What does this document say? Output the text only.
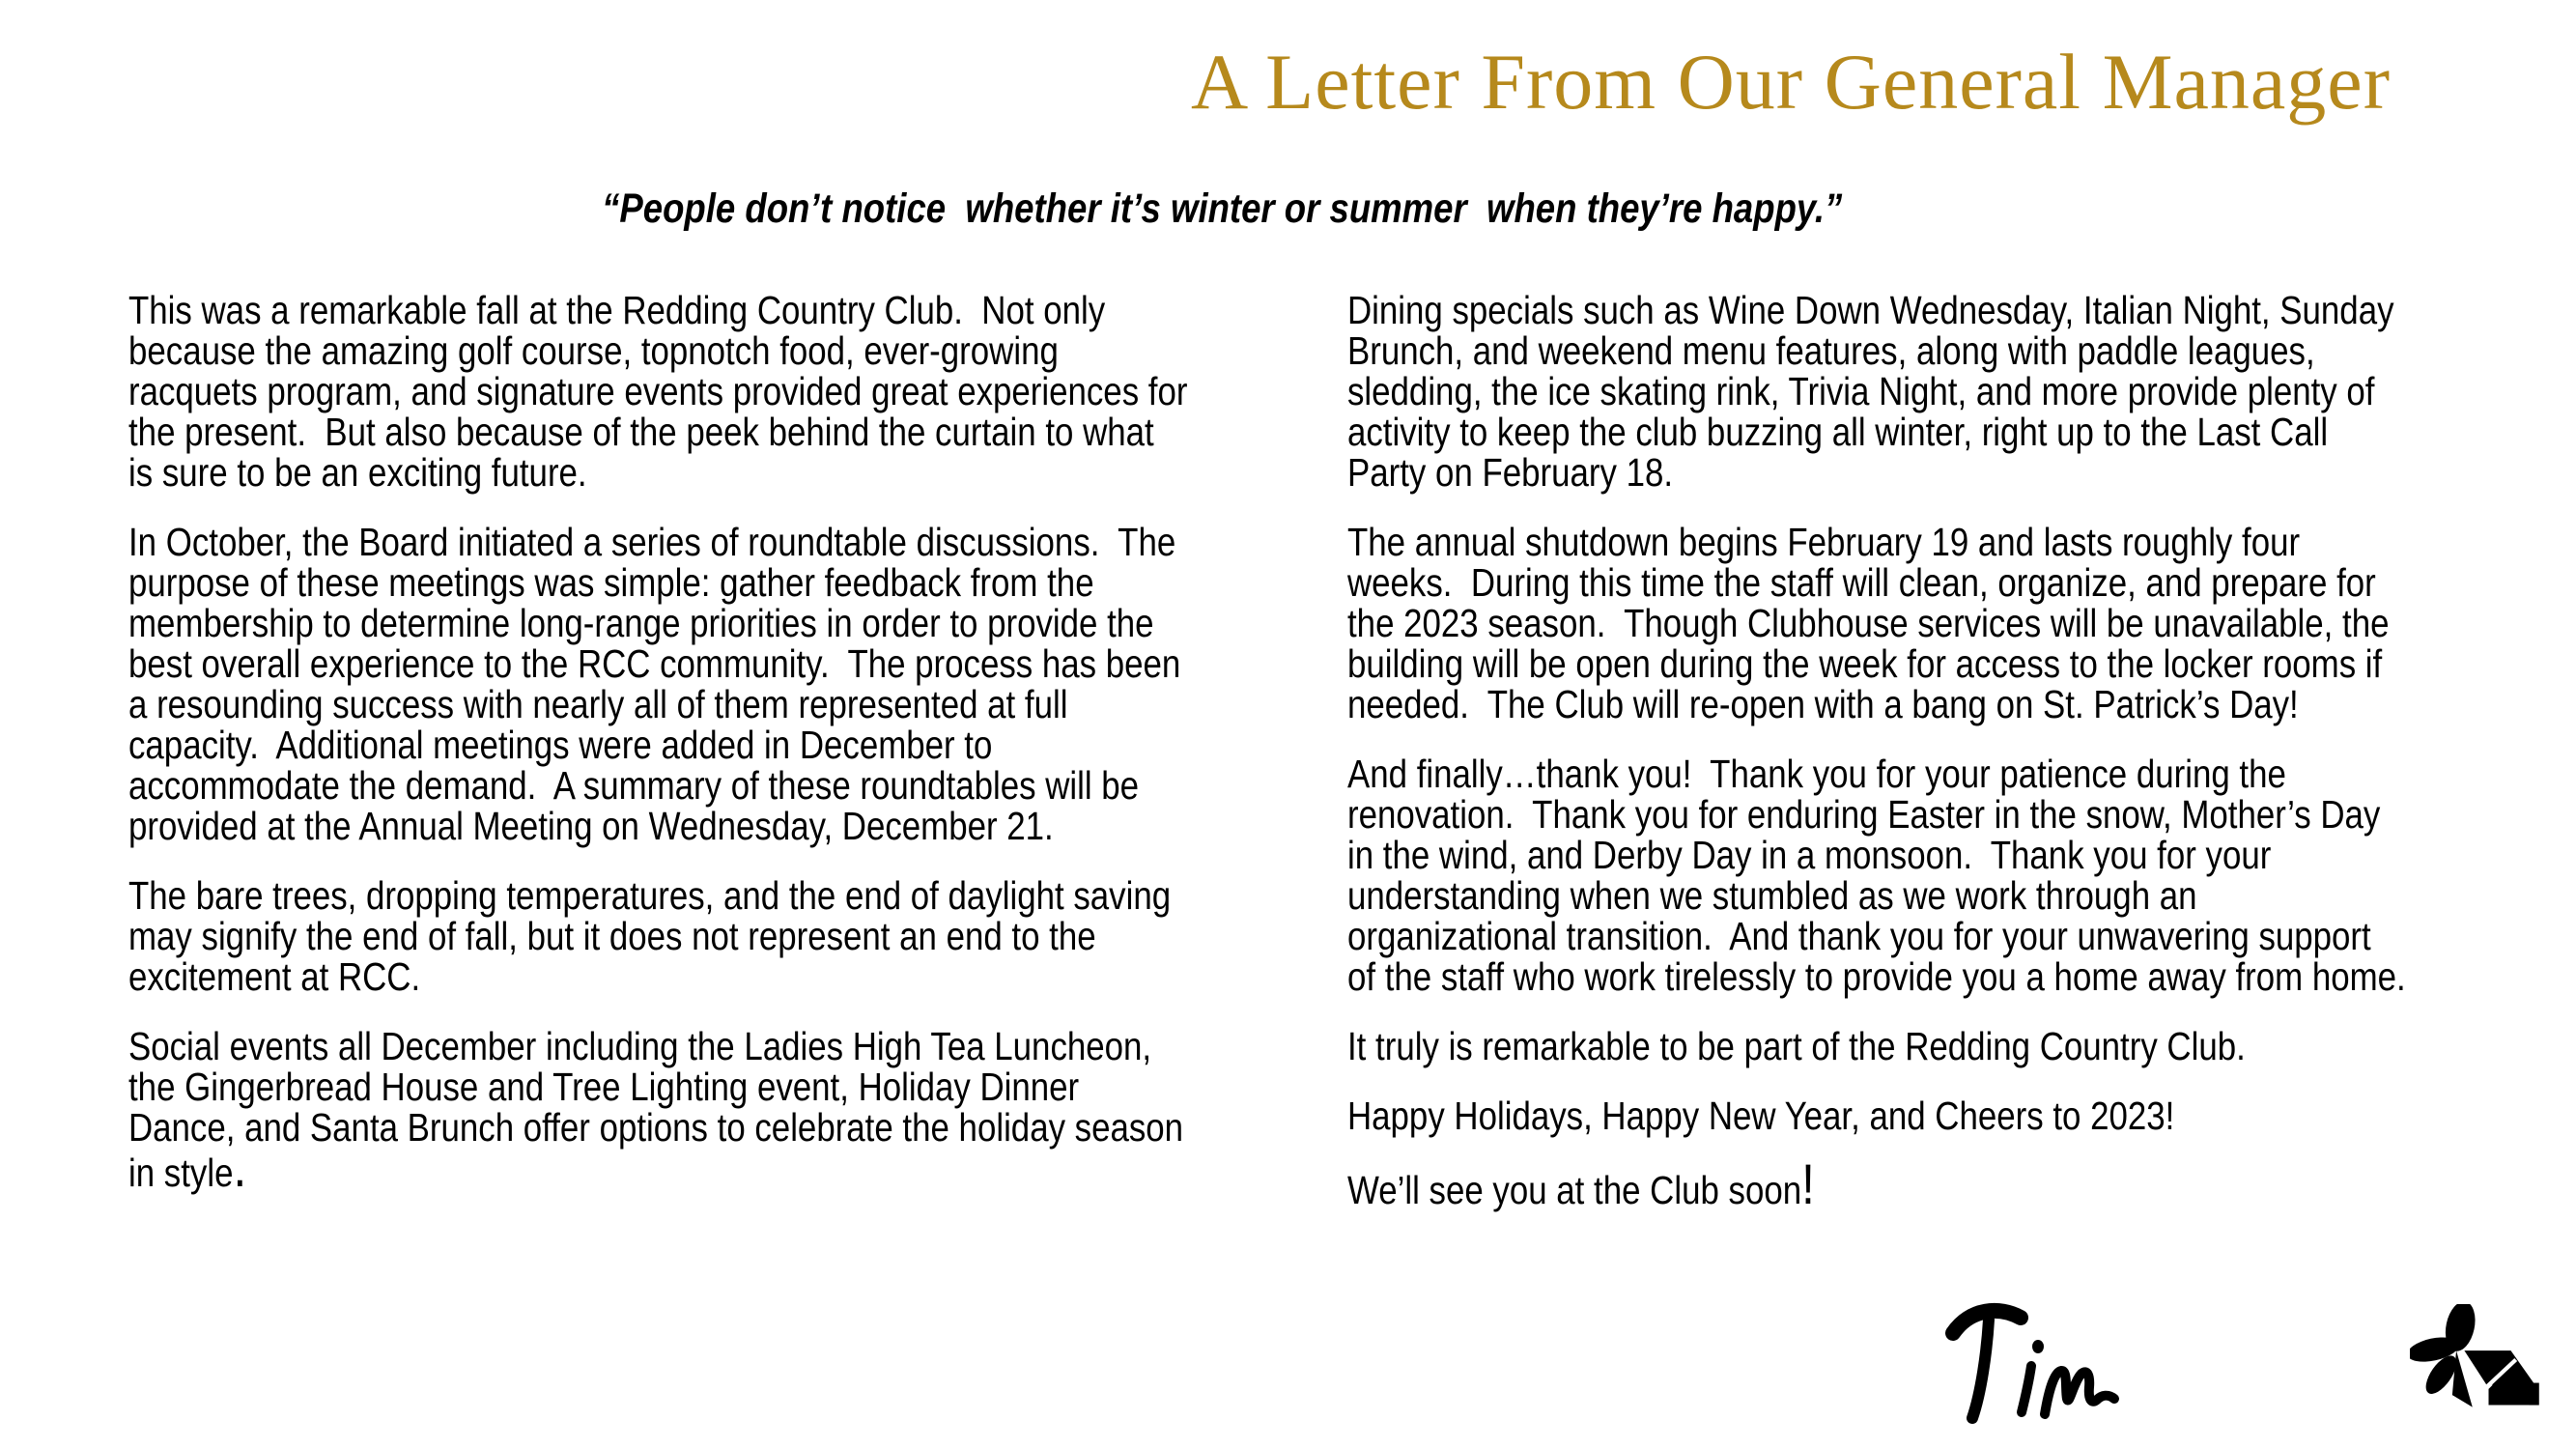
A Letter From Our General Manager
“People don’t notice  whether it’s winter or summer  when they’re happy.”

This was a remarkable fall at the Redding Country Club.  Not only because the amazing golf course, topnotch food, ever-growing racquets program, and signature events provided great experiences for the present.  But also because of the peek behind the curtain to what is sure to be an exciting future.

In October, the Board initiated a series of roundtable discussions.  The purpose of these meetings was simple: gather feedback from the membership to determine long-range priorities in order to provide the best overall experience to the RCC community.  The process has been a resounding success with nearly all of them represented at full capacity.  Additional meetings were added in December to accommodate the demand.  A summary of these roundtables will be provided at the Annual Meeting on Wednesday, December 21.

The bare trees, dropping temperatures, and the end of daylight saving may signify the end of fall, but it does not represent an end to the excitement at RCC.

Social events all December including the Ladies High Tea Luncheon, the Gingerbread House and Tree Lighting event, Holiday Dinner Dance, and Santa Brunch offer options to celebrate the holiday season in style.

Dining specials such as Wine Down Wednesday, Italian Night, Sunday Brunch, and weekend menu features, along with paddle leagues, sledding, the ice skating rink, Trivia Night, and more provide plenty of activity to keep the club buzzing all winter, right up to the Last Call Party on February 18.

The annual shutdown begins February 19 and lasts roughly four weeks.  During this time the staff will clean, organize, and prepare for the 2023 season.  Though Clubhouse services will be unavailable, the building will be open during the week for access to the locker rooms if needed.  The Club will re-open with a bang on St. Patrick’s Day!

And finally…thank you!  Thank you for your patience during the renovation.  Thank you for enduring Easter in the snow, Mother’s Day in the wind, and Derby Day in a monsoon.  Thank you for your understanding when we stumbled as we work through an organizational transition.  And thank you for your unwavering support of the staff who work tirelessly to provide you a home away from home.

It truly is remarkable to be part of the Redding Country Club.

Happy Holidays, Happy New Year, and Cheers to 2023!

We’ll see you at the Club soon!
